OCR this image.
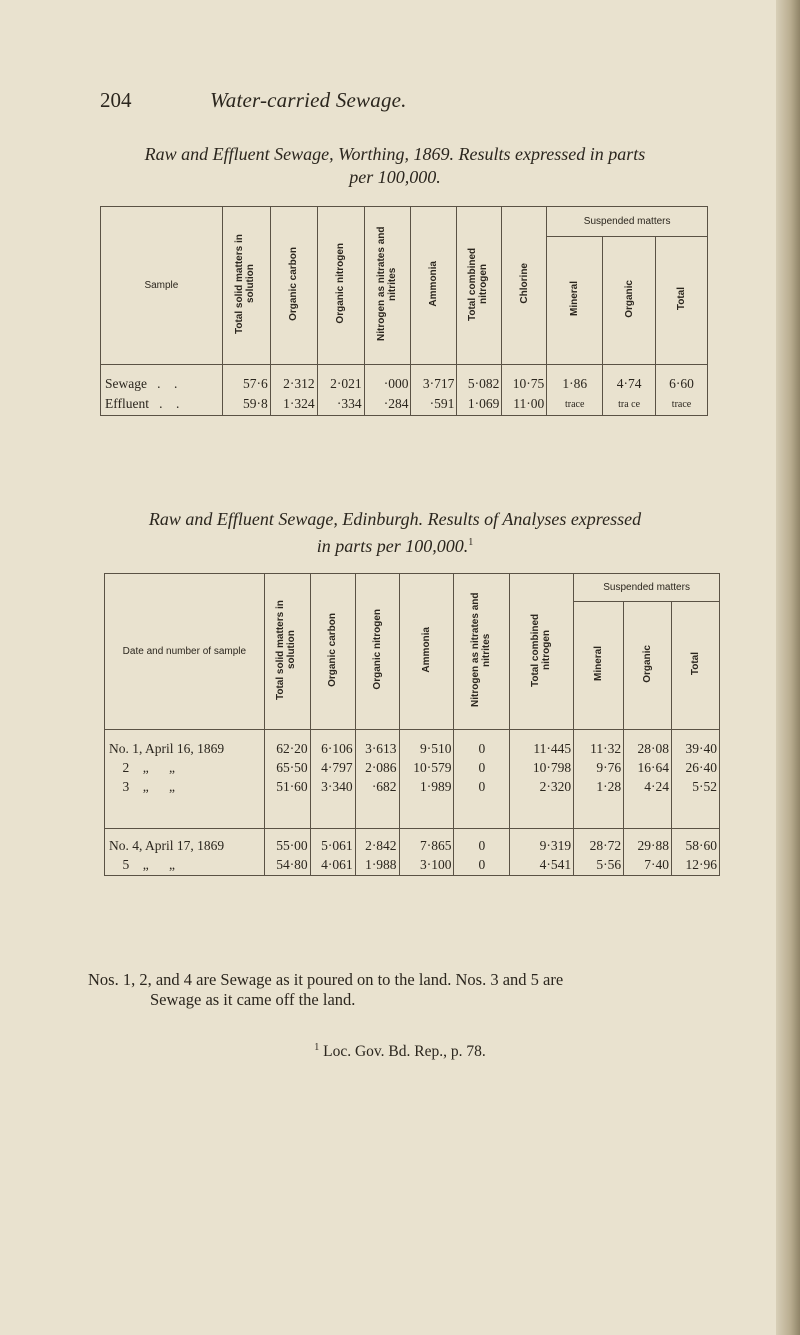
204	Water-carried Sewage.
Raw and Effluent Sewage, Worthing, 1869. Results expressed in parts
per 100,000.
Sample	Total solid matters in solution	Organic carbon	Organic nitrogen	Nitrogen as nitrates and nitrites	Ammonia	Total combined nitrogen	Chlorine	Suspended matters		
								Mineral	Organic	Total

Sewage   .    .	57·6	2·312	2·021	·000	3·717	5·082	10·75	1·86	4·74	6·60
Effluent   .    .	59·8	1·324	·334	·284	·591	1·069	11·00	trace	tra ce	trace
Raw and Effluent Sewage, Edinburgh. Results of Analyses expressed
in parts per 100,000.$^1$
Date and number of sample	Total solid matters in solution	Organic carbon	Organic nitrogen	Ammonia	Nitrogen as nitrates and nitrites	Total combined nitrogen	Suspended matters		
							Mineral	Organic	Total

No. 1, April 16, 1869	62·20	6·106	3·613	9·510	0	11·445	11·32	28·08	39·40
2    „      „	65·50	4·797	2·086	10·579	0	10·798	9·76	16·64	26·40
3    „      „	51·60	3·340	·682	1·989	0	2·320	1·28	4·24	5·52

No. 4, April 17, 1869	55·00	5·061	2·842	7·865	0	9·319	28·72	29·88	58·60
5    „      „	54·80	4·061	1·988	3·100	0	4·541	5·56	7·40	12·96
Nos. 1, 2, and 4 are Sewage as it poured on to the land. Nos. 3 and 5 are
Sewage as it came off the land.
$^1$ Loc. Gov. Bd. Rep., p. 78.
